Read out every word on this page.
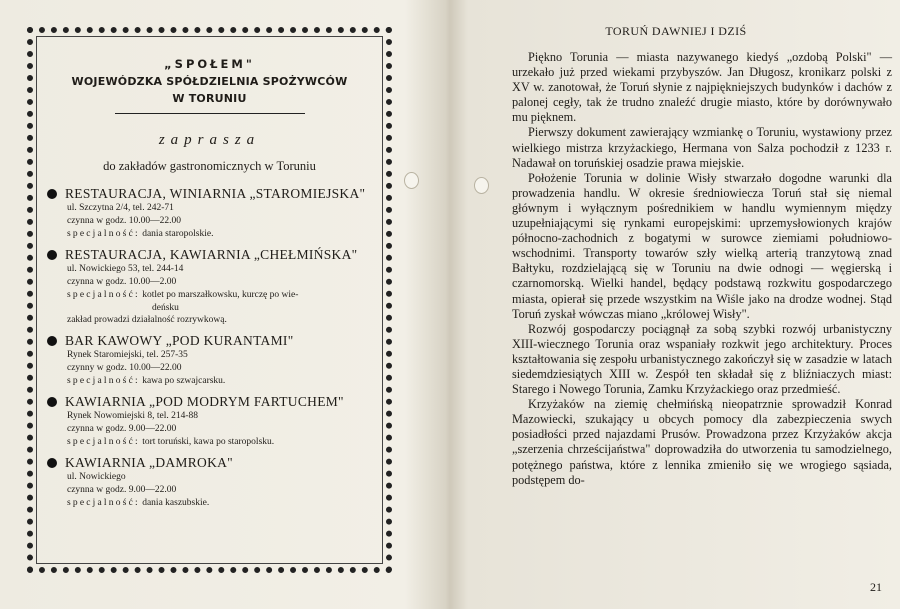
„SPOŁEM"
WOJEWÓDZKA SPÓŁDZIELNIA SPOŻYWCÓW
W TORUNIU
zaprasza
do zakładów gastronomicznych w Toruniu
RESTAURACJA, WINIARNIA „STAROMIEJSKA"
ul. Szczytna 2/4, tel. 242-71
czynna w godz. 10.00—22.00
specjalność: dania staropolskie.
RESTAURACJA, KAWIARNIA „CHEŁMIŃSKA"
ul. Nowickiego 53, tel. 244-14
czynna w godz. 10.00—2.00
specjalność: kotlet po marszałkowsku, kurczę po wie-
deńsku
zakład prowadzi działalność rozrywkową.
BAR KAWOWY „POD KURANTAMI"
Rynek Staromiejski, tel. 257-35
czynny w godz. 10.00—22.00
specjalność: kawa po szwajcarsku.
KAWIARNIA „POD MODRYM FARTUCHEM"
Rynek Nowomiejski 8, tel. 214-88
czynna w godz. 9.00—22.00
specjalność: tort toruński, kawa po staropolsku.
KAWIARNIA „DAMROKA"
ul. Nowickiego
czynna w godz. 9.00—22.00
specjalność: dania kaszubskie.
TORUŃ DAWNIEJ I DZIŚ

Piękno Torunia — miasta nazywanego kiedyś „ozdobą Polski" — urzekało już przed wiekami przybyszów. Jan Długosz, kronikarz polski z XV w. zanotował, że Toruń słynie z najpiękniejszych budynków i dachów z palonej cegły, tak że trudno znaleźć drugie miasto, które by dorównywało mu pięknem.

Pierwszy dokument zawierający wzmiankę o Toruniu, wystawiony przez wielkiego mistrza krzyżackiego, Hermana von Salza pochodził z 1233 r. Nadawał on toruńskiej osadzie prawa miejskie.

Położenie Torunia w dolinie Wisły stwarzało dogodne warunki dla prowadzenia handlu. W okresie średniowiecza Toruń stał się niemal głównym i wyłącznym pośrednikiem w handlu wymiennym między uzupełniającymi się rynkami europejskimi: uprzemysłowionych krajów północno-zachodnich z bogatymi w surowce ziemiami południowo-wschodnimi. Transporty towarów szły wielką arterią tranzytową znad Bałtyku, rozdzielającą się w Toruniu na dwie odnogi — węgierską i czarnomorską. Wielki handel, będący podstawą rozkwitu gospodarczego miasta, opierał się przede wszystkim na Wiśle jako na drodze wodnej. Stąd Toruń zyskał wówczas miano „królowej Wisły".

Rozwój gospodarczy pociągnął za sobą szybki rozwój urbanistyczny XIII-wiecznego Torunia oraz wspaniały rozkwit jego architektury. Proces kształtowania się zespołu urbanistycznego zakończył się w zasadzie w latach siedemdziesiątych XIII w. Zespół ten składał się z bliźniaczych miast: Starego i Nowego Torunia, Zamku Krzyżackiego oraz przedmieść.

Krzyżaków na ziemię chełmińską nieopatrznie sprowadził Konrad Mazowiecki, szukający u obcych pomocy dla zabezpieczenia swych posiadłości przed najazdami Prusów. Prowadzona przez Krzyżaków akcja „szerzenia chrześcijaństwa" doprowadziła do utworzenia tu samodzielnego, potężnego państwa, które z lennika zmieniło się we wrogiego sąsiada, podstępem do-

21
